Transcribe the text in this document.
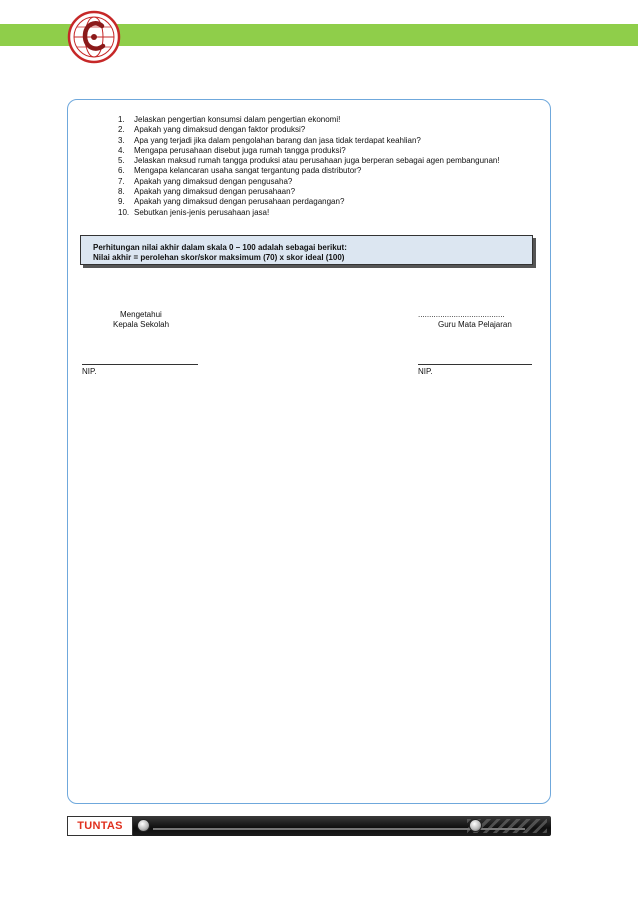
1. Jelaskan pengertian konsumsi dalam pengertian ekonomi!
2. Apakah yang dimaksud dengan faktor produksi?
3. Apa yang terjadi jika dalam pengolahan barang dan jasa tidak terdapat keahlian?
4. Mengapa perusahaan disebut juga rumah tangga produksi?
5. Jelaskan maksud rumah tangga produksi atau perusahaan juga berperan sebagai agen pembangunan!
6. Mengapa kelancaran usaha sangat tergantung pada distributor?
7. Apakah yang dimaksud dengan pengusaha?
8. Apakah yang dimaksud dengan perusahaan?
9. Apakah yang dimaksud dengan perusahaan perdagangan?
10. Sebutkan jenis-jenis perusahaan jasa!
Perhitungan nilai akhir dalam skala 0 – 100 adalah sebagai berikut:
Nilai akhir = perolehan skor/skor maksimum (70) x skor ideal (100)
Mengetahui
Kepala Sekolah
NIP.
.......................................
Guru Mata Pelajaran
NIP.
TUNTAS
